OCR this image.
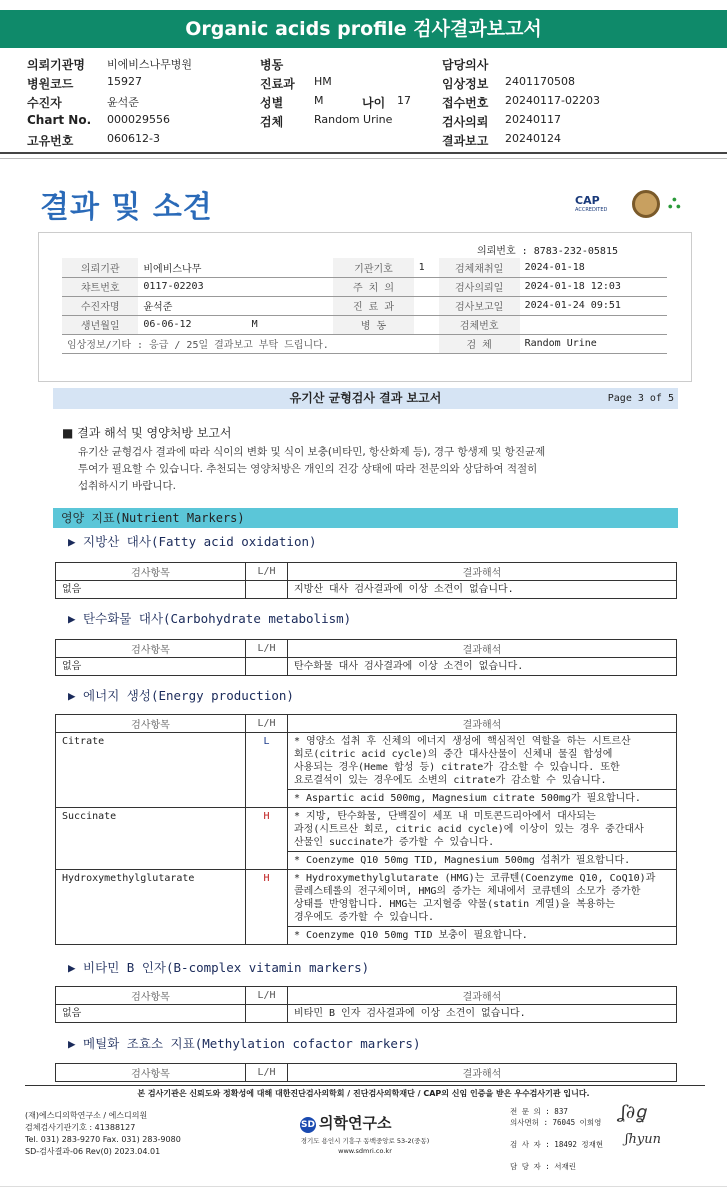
Organic acids profile 검사결과보고서
의뢰기관명 비에비스나무병원
병원코드	15927
수진자	윤석준
Chart No. 000029556
고유번호	060612-3
병동
진료과 HM
성별	M	나이 17
검체	Random Urine
담당의사
임상정보 2401170508
접수번호 20240117-02203
검사의뢰 20240117
결과보고 20240124
결과 및 소견	CAP
ACCREDITED	⛬
의뢰번호 : 8783-232-05815
의뢰기관	비에비스나무	기관기호	1	검체채취일	2024-01-18
챠트번호	0117-02203	주 치 의		검사의뢰일	2024-01-18 12:03
수진자명	윤석준	진 료 과		검사보고일	2024-01-24 09:51
생년월일	06-06-12 M	병 동		검체번호	
임상정보/기타 : 응급 / 25일 결과보고 부탁 드립니다.				검 체	Random Urine
유기산 균형검사 결과 보고서	Page 3 of 5
■ 결과 해석 및 영양처방 보고서
유기산 균형검사 결과에 따라 식이의 변화 및 식이 보충(비타민, 항산화제 등), 경구 항생제 및 항진균제
투여가 필요할 수 있습니다. 추천되는 영양처방은 개인의 건강 상태에 따라 전문의와 상담하여 적절히
섭취하시기 바랍니다.
영양 지표(Nutrient Markers)
▶ 지방산 대사(Fatty acid oxidation)
검사항목	L/H	결과해석
없음		지방산 대사 검사결과에 이상 소견이 없습니다.
▶ 탄수화물 대사(Carbohydrate metabolism)
검사항목	L/H	결과해석
없음		탄수화물 대사 검사결과에 이상 소견이 없습니다.
▶ 에너지 생성(Energy production)
검사항목	L/H	결과해석
Citrate	L	* 영양소 섭취 후 신체의 에너지 생성에 핵심적인 역할을 하는 시트르산
회로(citric acid cycle)의 중간 대사산물이 신체내 물질 합성에
사용되는 경우(Heme 합성 등) citrate가 감소할 수 있습니다. 또한
요로결석이 있는 경우에도 소변의 citrate가 감소할 수 있습니다.

		* Aspartic acid 500mg, Magnesium citrate 500mg가 필요합니다.
Succinate	H	* 지방, 탄수화물, 단백질이 세포 내 미토콘드리아에서 대사되는
과정(시트르산 회로, citric acid cycle)에 이상이 있는 경우 중간대사
산물인 succinate가 증가할 수 있습니다.

		* Coenzyme Q10 50mg TID, Magnesium 500mg 섭취가 필요합니다.
Hydroxymethylglutarate	H	* Hydroxymethylglutarate (HMG)는 코큐텐(Coenzyme Q10, CoQ10)과
콜레스테롤의 전구체이며, HMG의 증가는 체내에서 코큐텐의 소모가 증가한
상태를 반영합니다. HMG는 고지혈증 약물(statin 계열)을 복용하는
경우에도 증가할 수 있습니다.

		* Coenzyme Q10 50mg TID 보충이 필요합니다.
▶ 비타민 B 인자(B-complex vitamin markers)
검사항목	L/H	결과해석
없음		비타민 B 인자 검사결과에 이상 소견이 없습니다.
▶ 메틸화 조효소 지표(Methylation cofactor markers)
검사항목	L/H	결과해석
본 검사기관은 신뢰도와 정확성에 대해 대한진단검사의학회 / 진단검사의학재단 / CAP의 신임 인증을 받은 우수검사기관 입니다.
(재)에스디의학연구소 / 에스디의원
검체검사기관기호 : 41388127
Tel. 031) 283-9270 Fax. 031) 283-9080
SD-검사결과-06 Rev(0) 2023.04.01
SD 의학연구소
경기도 용인시 기흥구 동백중앙로 53-2(중동)
www.sdmri.co.kr
전 문 의 : 837
의사면허 : 76045 이희영

검 사 자 : 18492 정재현

담 당 자 : 서재린
ʆ∂ꬶ
ʃhyun
